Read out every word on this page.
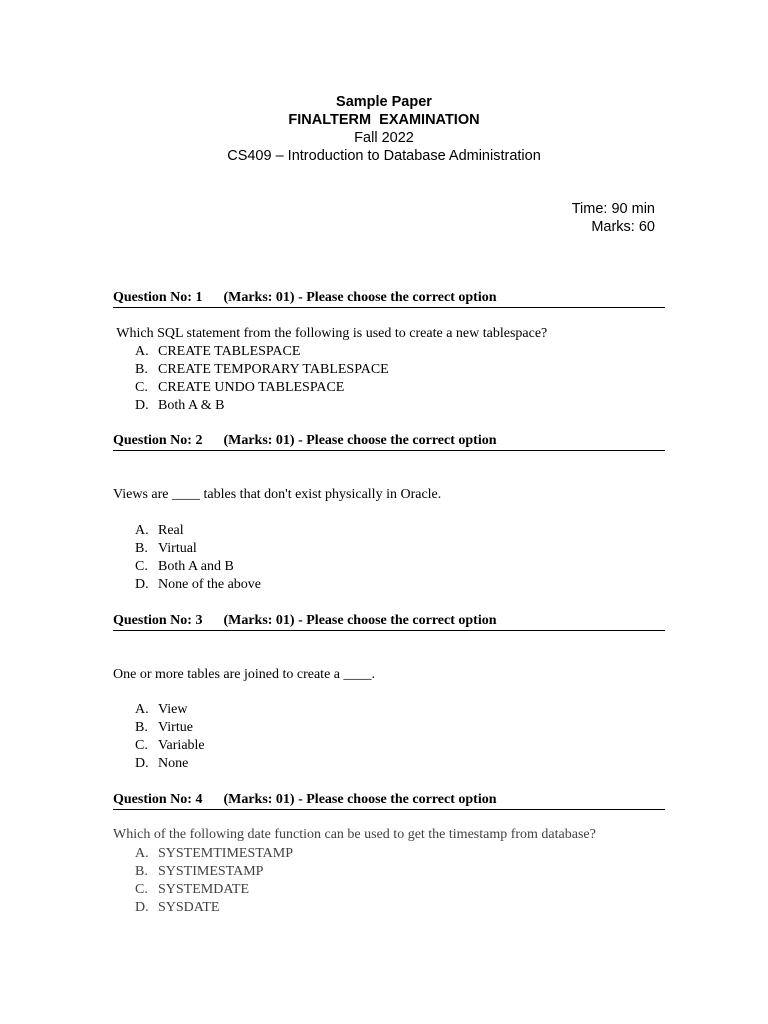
Sample Paper
FINALTERM  EXAMINATION
Fall 2022
CS409 – Introduction to Database Administration
Time: 90 min
Marks: 60
Question No: 1      (Marks: 01) - Please choose the correct option
Which SQL statement from the following is used to create a new tablespace?
A. CREATE TABLESPACE
B. CREATE TEMPORARY TABLESPACE
C. CREATE UNDO TABLESPACE
D. Both A & B
Question No: 2      (Marks: 01) - Please choose the correct option
Views are ____ tables that don't exist physically in Oracle.
A. Real
B. Virtual
C. Both A and B
D. None of the above
Question No: 3      (Marks: 01) - Please choose the correct option
One or more tables are joined to create a ____.
A. View
B. Virtue
C. Variable
D. None
Question No: 4      (Marks: 01) - Please choose the correct option
Which of the following date function can be used to get the timestamp from database?
A. SYSTEMTIMESTAMP
B. SYSTIMESTAMP
C. SYSTEMDATE
D. SYSDATE
